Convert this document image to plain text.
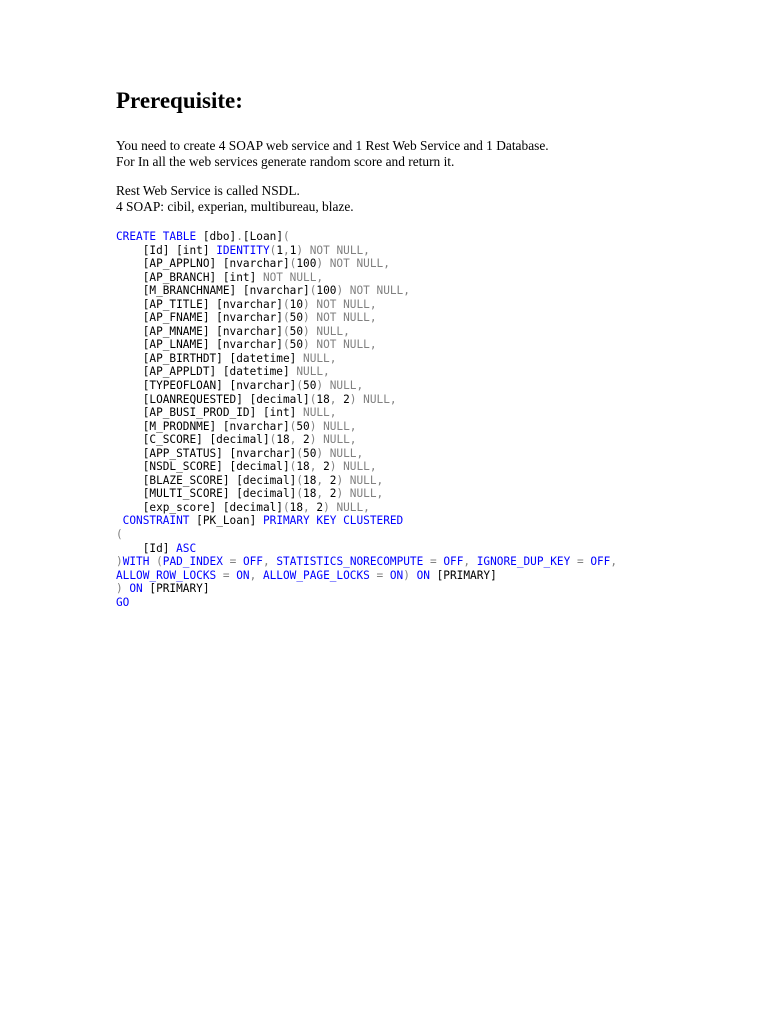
Prerequisite:

You need to create 4 SOAP web service and 1 Rest Web Service and 1 Database.
For In all the web services generate random score and return it.

Rest Web Service is called NSDL.
4 SOAP: cibil, experian, multibureau, blaze.

CREATE TABLE [dbo].[Loan](
[Id] [int] IDENTITY(1,1) NOT NULL,
[AP_APPLNO] [nvarchar](100) NOT NULL,
[AP_BRANCH] [int] NOT NULL,
[M_BRANCHNAME] [nvarchar](100) NOT NULL,
[AP_TITLE] [nvarchar](10) NOT NULL,
[AP_FNAME] [nvarchar](50) NOT NULL,
[AP_MNAME] [nvarchar](50) NULL,
[AP_LNAME] [nvarchar](50) NOT NULL,
[AP_BIRTHDT] [datetime] NULL,
[AP_APPLDT] [datetime] NULL,
[TYPEOFLOAN] [nvarchar](50) NULL,
[LOANREQUESTED] [decimal](18, 2) NULL,
[AP_BUSI_PROD_ID] [int] NULL,
[M_PRODNME] [nvarchar](50) NULL,
[C_SCORE] [decimal](18, 2) NULL,
[APP_STATUS] [nvarchar](50) NULL,
[NSDL_SCORE] [decimal](18, 2) NULL,
[BLAZE_SCORE] [decimal](18, 2) NULL,
[MULTI_SCORE] [decimal](18, 2) NULL,
[exp_score] [decimal](18, 2) NULL,
CONSTRAINT [PK_Loan] PRIMARY KEY CLUSTERED
(
[Id] ASC
)WITH (PAD_INDEX = OFF, STATISTICS_NORECOMPUTE = OFF, IGNORE_DUP_KEY = OFF,
ALLOW_ROW_LOCKS = ON, ALLOW_PAGE_LOCKS = ON) ON [PRIMARY]
) ON [PRIMARY]
GO
